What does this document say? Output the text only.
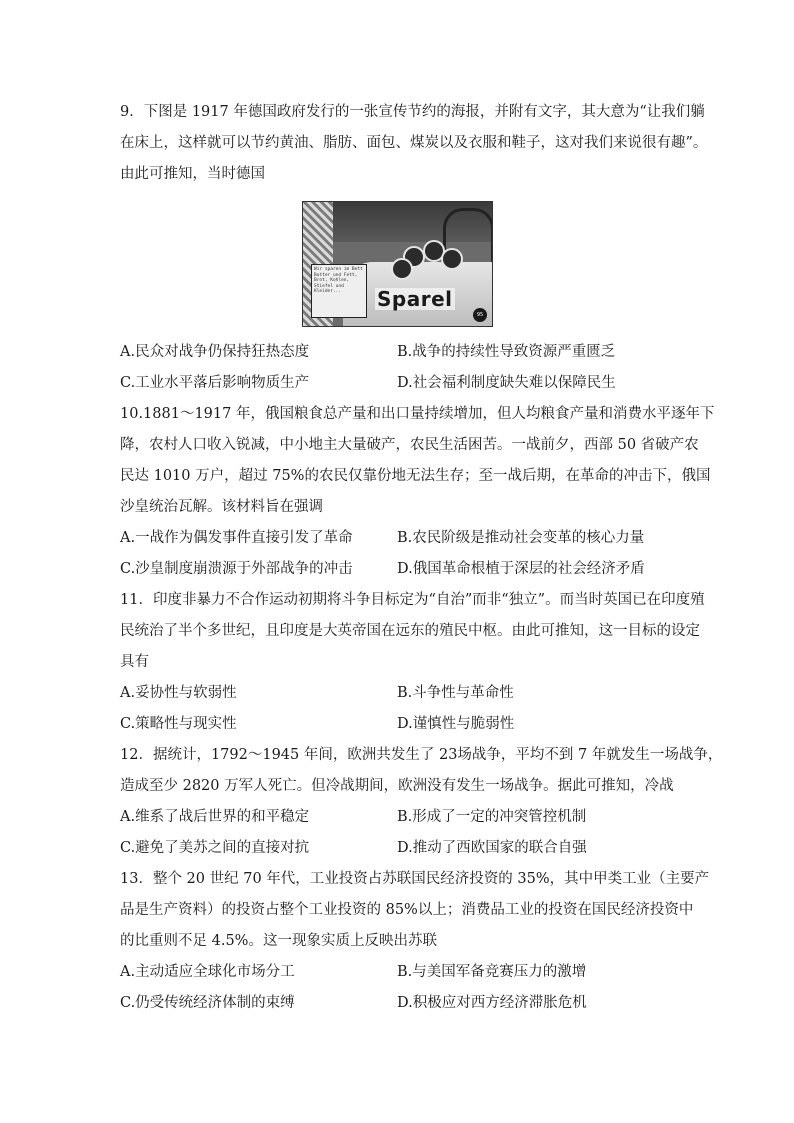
9．下图是 1917 年德国政府发行的一张宣传节约的海报，并附有文字，其大意为“让我们躺
在床上，这样就可以节约黄油、脂肪、面包、煤炭以及衣服和鞋子，这对我们来说很有趣”。
由此可推知，当时德国
Wir sparen im Bett Butter und Fett, Brot, Kohlen, Stiefel und Kleider...	Sparel
95
A.民众对战争仍保持狂热态度	B.战争的持续性导致资源严重匮乏
C.工业水平落后影响物质生产	D.社会福利制度缺失难以保障民生
10.1881～1917 年，俄国粮食总产量和出口量持续增加，但人均粮食产量和消费水平逐年下
降，农村人口收入锐减，中小地主大量破产，农民生活困苦。一战前夕，西部 50 省破产农
民达 1010 万户，超过 75%的农民仅靠份地无法生存；至一战后期，在革命的冲击下，俄国
沙皇统治瓦解。该材料旨在强调
A.一战作为偶发事件直接引发了革命	B.农民阶级是推动社会变革的核心力量
C.沙皇制度崩溃源于外部战争的冲击	D.俄国革命根植于深层的社会经济矛盾
11．印度非暴力不合作运动初期将斗争目标定为“自治”而非“独立”。而当时英国已在印度殖
民统治了半个多世纪，且印度是大英帝国在远东的殖民中枢。由此可推知，这一目标的设定
具有
A.妥协性与软弱性	B.斗争性与革命性
C.策略性与现实性	D.谨慎性与脆弱性
12．据统计，1792～1945 年间，欧洲共发生了 23场战争，平均不到 7 年就发生一场战争，
造成至少 2820 万军人死亡。但冷战期间，欧洲没有发生一场战争。据此可推知，冷战
A.维系了战后世界的和平稳定	B.形成了一定的冲突管控机制
C.避免了美苏之间的直接对抗	D.推动了西欧国家的联合自强
13．整个 20 世纪 70 年代，工业投资占苏联国民经济投资的 35%，其中甲类工业（主要产
品是生产资料）的投资占整个工业投资的 85%以上；消费品工业的投资在国民经济投资中
的比重则不足 4.5%。这一现象实质上反映出苏联
A.主动适应全球化市场分工	B.与美国军备竞赛压力的激增
C.仍受传统经济体制的束缚	D.积极应对西方经济滞胀危机
